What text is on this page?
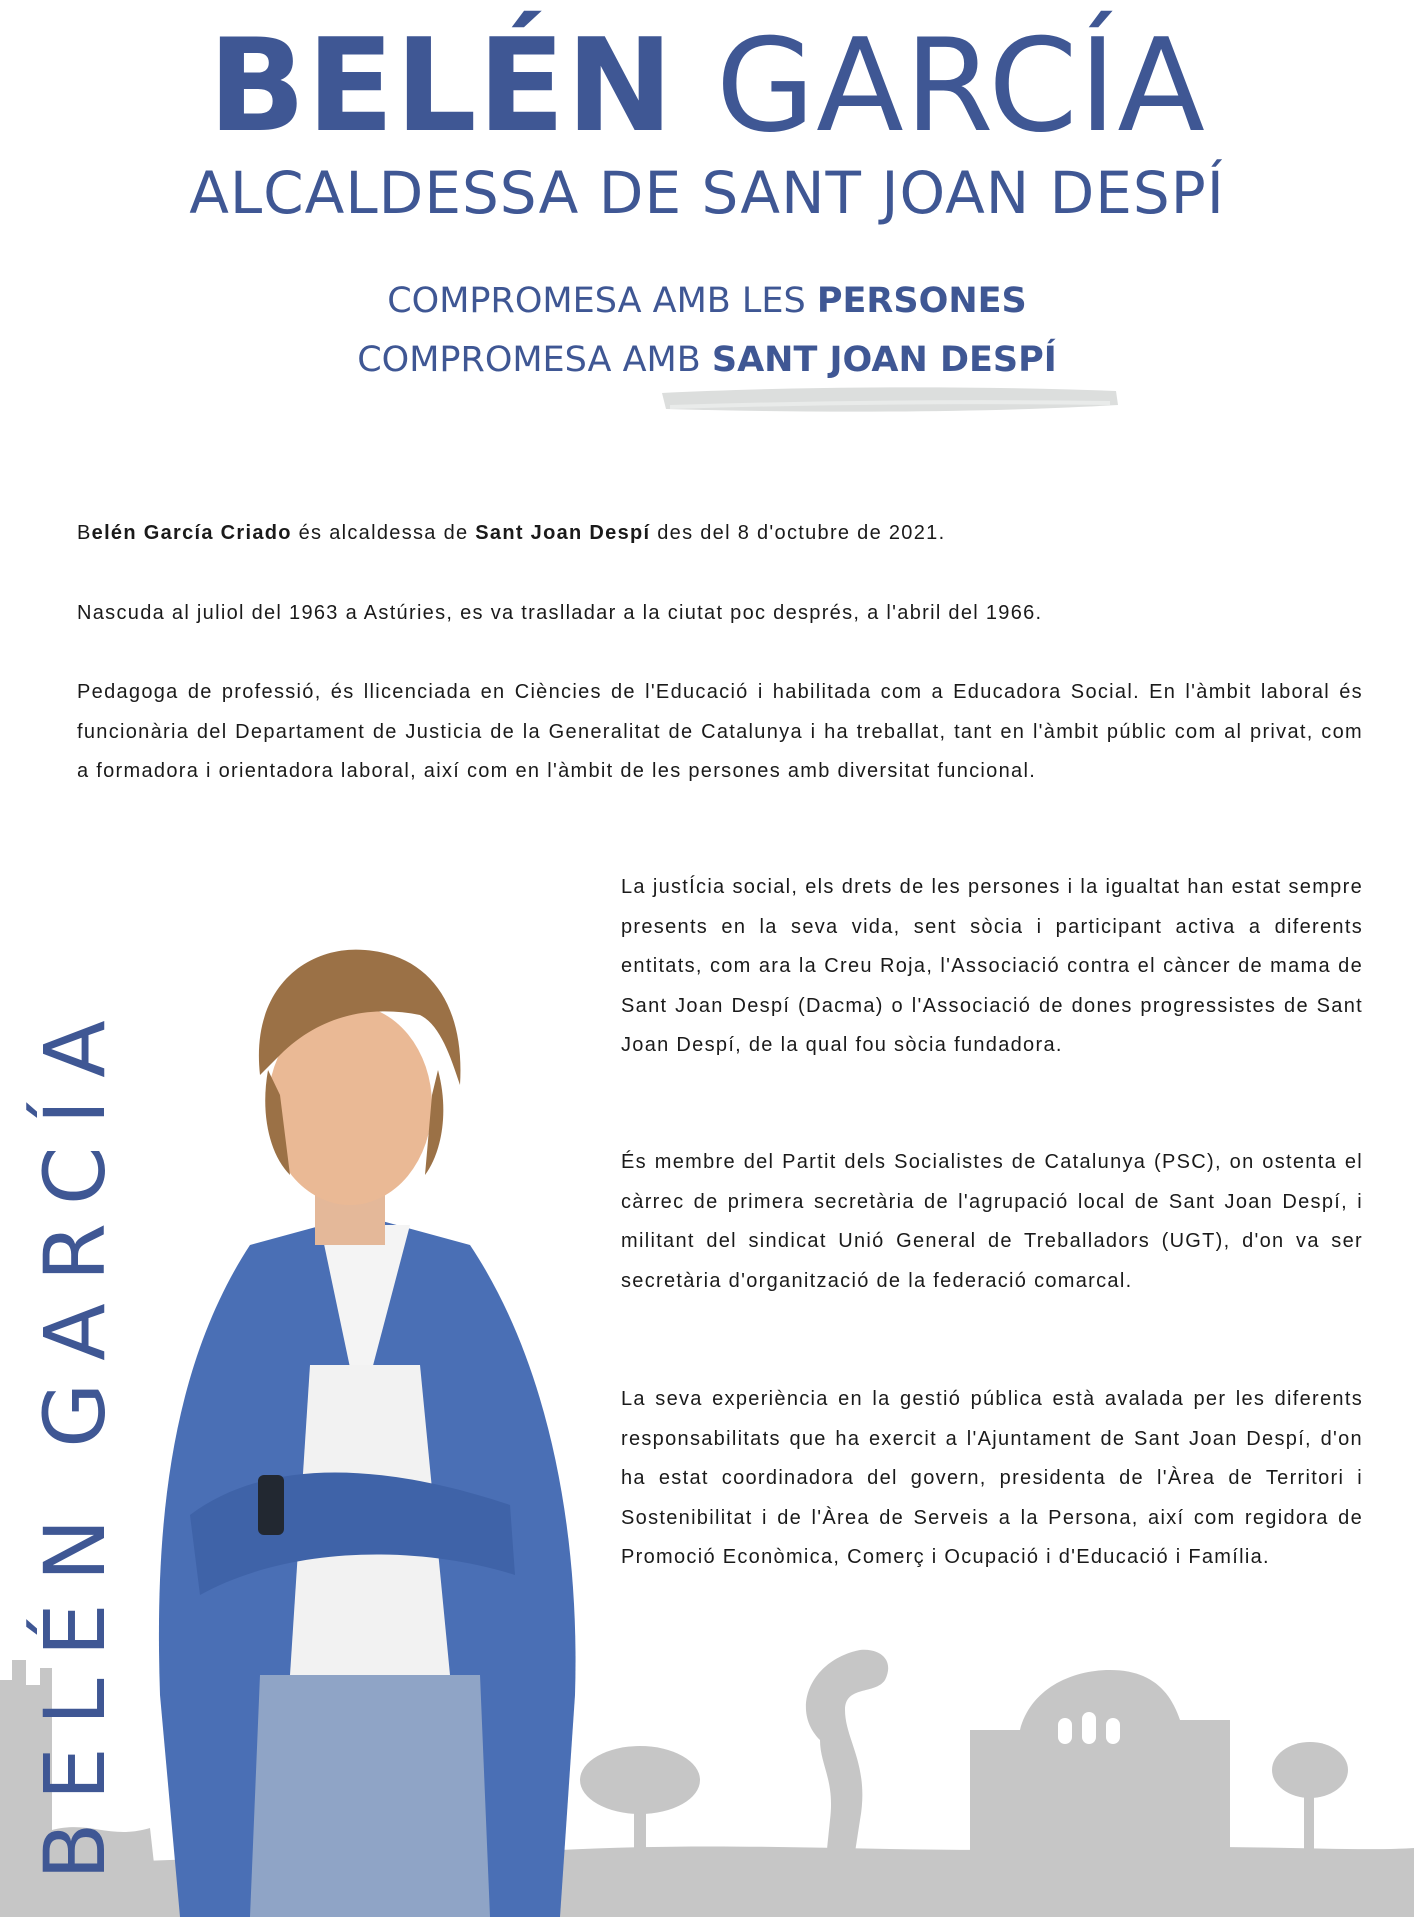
BELÉN GARCÍA
ALCALDESSA DE SANT JOAN DESPÍ
COMPROMESA AMB LES PERSONES
COMPROMESA AMB SANT JOAN DESPÍ
Belén García Criado és alcaldessa de Sant Joan Despí des del 8 d'octubre de 2021.
Nascuda al juliol del 1963 a Astúries, es va traslladar a la ciutat poc després, a l'abril del 1966.
Pedagoga de professió, és llicenciada en Ciències de l'Educació i habilitada com a Educadora Social. En l'àmbit laboral és funcionària del Departament de Justicia de la Generalitat de Catalunya i ha treballat, tant en l'àmbit públic com al privat, com a formadora i orientadora laboral, així com en l'àmbit de les persones amb diversitat funcional.
La justÍcia social, els drets de les persones i la igualtat han estat sempre presents en la seva vida, sent sòcia i participant activa a diferents entitats, com ara la Creu Roja, l'Associació contra el càncer de mama de Sant Joan Despí (Dacma) o l'Associació de dones progressistes de Sant Joan Despí, de la qual fou sòcia fundadora.
És membre del Partit dels Socialistes de Catalunya (PSC), on ostenta el càrrec de primera secretària de l'agrupació local de Sant Joan Despí, i militant del sindicat Unió General de Treballadors (UGT), d'on va ser secretària d'organització de la federació comarcal.
La seva experiència en la gestió pública està avalada per les diferents responsabilitats que ha exercit a l'Ajuntament de Sant Joan Despí, d'on ha estat coordinadora del govern, presidenta de l'Àrea de Territori i Sostenibilitat i de l'Àrea de Serveis a la Persona, així com regidora de Promoció Econòmica, Comerç i Ocupació i d'Educació i Família.
BELÉN GARCÍA
